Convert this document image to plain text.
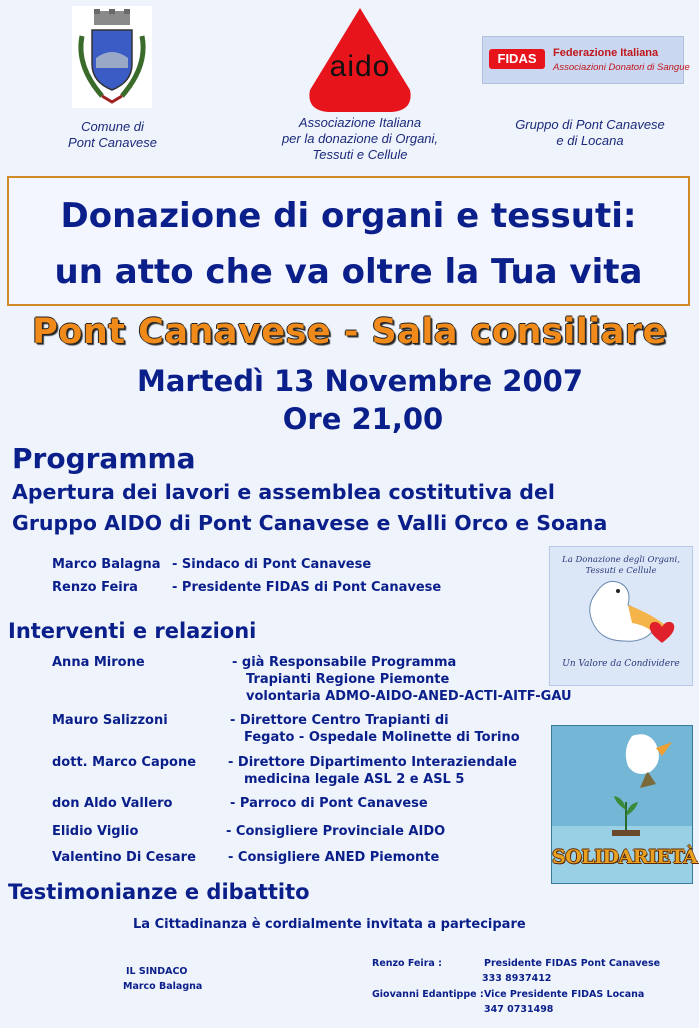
aido	FIDAS	Federazione Italiana
Associazioni Donatori di Sangue
Comune di
Pont Canavese
Associazione Italiana
per la donazione di Organi,
Tessuti e Cellule
Gruppo di Pont Canavese
e di Locana
Donazione di organi e tessuti:
un atto che va oltre la Tua vita
Pont Canavese - Sala consiliare
Martedì 13 Novembre 2007
Ore 21,00
Programma
Apertura dei lavori e assemblea costitutiva del
Gruppo AIDO di Pont Canavese e Valli Orco e Soana
Marco Balagna - Sindaco di Pont Canavese
Renzo Feira	- Presidente FIDAS di Pont Canavese
La Donazione degli Organi, Tessuti e Cellule
Un Valore da Condividere
Interventi e relazioni
Anna Mirone	- già Responsabile Programma
Trapianti Regione Piemonte
volontaria ADMO-AIDO-ANED-ACTI-AITF-GAU
Mauro Salizzoni	- Direttore Centro Trapianti di
Fegato - Ospedale Molinette di Torino
dott. Marco Capone - Direttore Dipartimento Interaziendale
medicina legale ASL 2 e ASL 5
don Aldo Vallero	- Parroco di Pont Canavese
Elidio Viglio	- Consigliere Provinciale AIDO
Valentino Di Cesare - Consigliere ANED Piemonte	SOLIDARIETÀ
Testimonianze e dibattito
La Cittadinanza è cordialmente invitata a partecipare
IL SINDACO
Marco Balagna
Renzo Feira :	Presidente FIDAS Pont Canavese
333 8937412
Giovanni Edantippe : Vice Presidente FIDAS Locana
347 0731498
